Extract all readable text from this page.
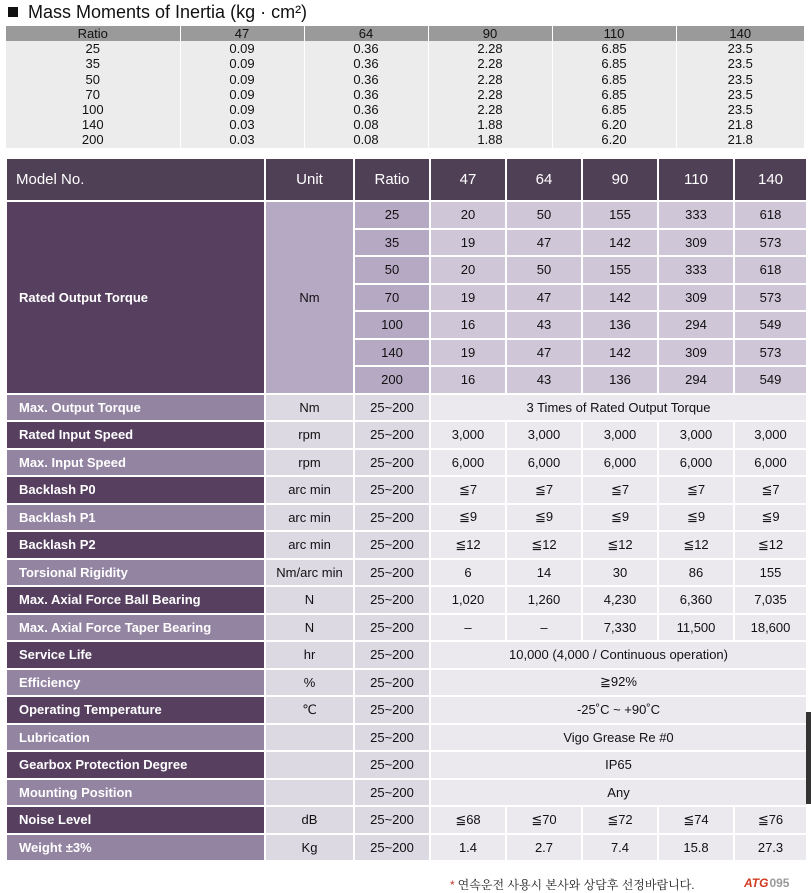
Mass Moments of Inertia (kg · cm²)
Ratio	47	64	90	110	140
25	0.09	0.36	2.28	6.85	23.5
35	0.09	0.36	2.28	6.85	23.5
50	0.09	0.36	2.28	6.85	23.5
70	0.09	0.36	2.28	6.85	23.5
100	0.09	0.36	2.28	6.85	23.5
140	0.03	0.08	1.88	6.20	21.8
200	0.03	0.08	1.88	6.20	21.8
Model No.	Unit	Ratio	47	64	90	110	140
Rated Output Torque	Nm	25	20	50	155	333	618
		35	19	47	142	309	573
		50	20	50	155	333	618
		70	19	47	142	309	573
		100	16	43	136	294	549
		140	19	47	142	309	573
		200	16	43	136	294	549
Max. Output Torque	Nm	25~200	3 Times of Rated Output Torque				
Rated Input Speed	rpm	25~200	3,000	3,000	3,000	3,000	3,000
Max. Input Speed	rpm	25~200	6,000	6,000	6,000	6,000	6,000
Backlash P0	arc min	25~200	≦7	≦7	≦7	≦7	≦7
Backlash P1	arc min	25~200	≦9	≦9	≦9	≦9	≦9
Backlash P2	arc min	25~200	≦12	≦12	≦12	≦12	≦12
Torsional Rigidity	Nm/arc min	25~200	6	14	30	86	155
Max. Axial Force Ball Bearing	N	25~200	1,020	1,260	4,230	6,360	7,035
Max. Axial Force Taper Bearing	N	25~200	–	–	7,330	11,500	18,600
Service Life	hr	25~200	10,000 (4,000 / Continuous operation)				
Efficiency	%	25~200	≧92%				
Operating Temperature	℃	25~200	-25˚C ~ +90˚C				
Lubrication		25~200	Vigo Grease Re #0				
Gearbox Protection Degree		25~200	IP65				
Mounting Position		25~200	Any				
Noise Level	dB	25~200	≦68	≦70	≦72	≦74	≦76
Weight ±3%	Kg	25~200	1.4	2.7	7.4	15.8	27.3
* 연속운전 사용시 본사와 상담후 선정바랍니다.	ATG095
